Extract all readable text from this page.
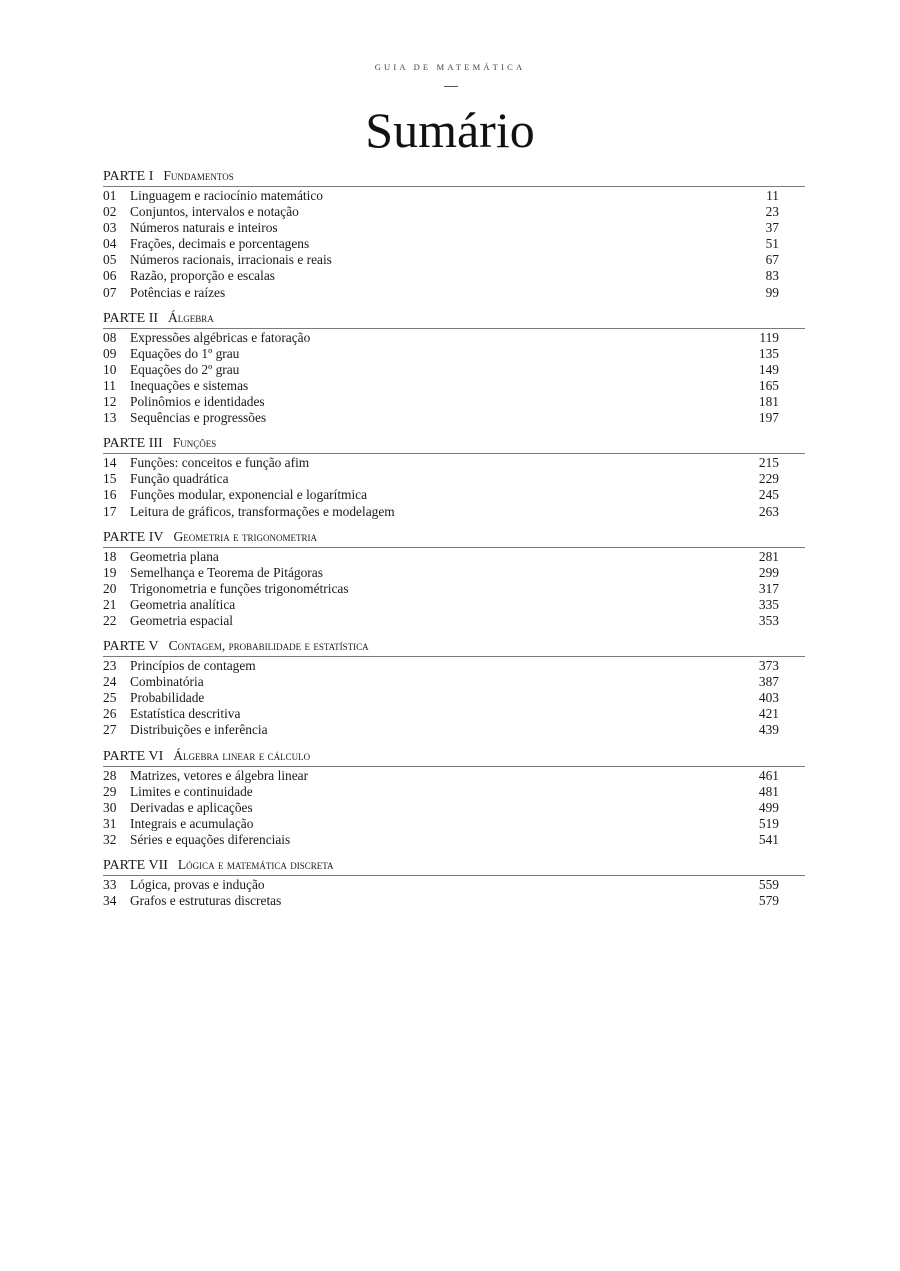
GUIA DE MATEMÁTICA
Sumário
PARTE I Fundamentos
01	Linguagem e raciocínio matemático	11
02	Conjuntos, intervalos e notação	23
03	Números naturais e inteiros	37
04	Frações, decimais e porcentagens	51
05	Números racionais, irracionais e reais	67
06	Razão, proporção e escalas	83
07	Potências e raízes	99
PARTE II Álgebra
08	Expressões algébricas e fatoração	119
09	Equações do 1º grau	135
10	Equações do 2º grau	149
11	Inequações e sistemas	165
12	Polinômios e identidades	181
13	Sequências e progressões	197
PARTE III Funções
14	Funções: conceitos e função afim	215
15	Função quadrática	229
16	Funções modular, exponencial e logarítmica	245
17	Leitura de gráficos, transformações e modelagem	263
PARTE IV Geometria e trigonometria
18	Geometria plana	281
19	Semelhança e Teorema de Pitágoras	299
20	Trigonometria e funções trigonométricas	317
21	Geometria analítica	335
22	Geometria espacial	353
PARTE V Contagem, probabilidade e estatística
23	Princípios de contagem	373
24	Combinatória	387
25	Probabilidade	403
26	Estatística descritiva	421
27	Distribuições e inferência	439
PARTE VI Álgebra linear e cálculo
28	Matrizes, vetores e álgebra linear	461
29	Limites e continuidade	481
30	Derivadas e aplicações	499
31	Integrais e acumulação	519
32	Séries e equações diferenciais	541
PARTE VII Lógica e matemática discreta
33	Lógica, provas e indução	559
34	Grafos e estruturas discretas	579
